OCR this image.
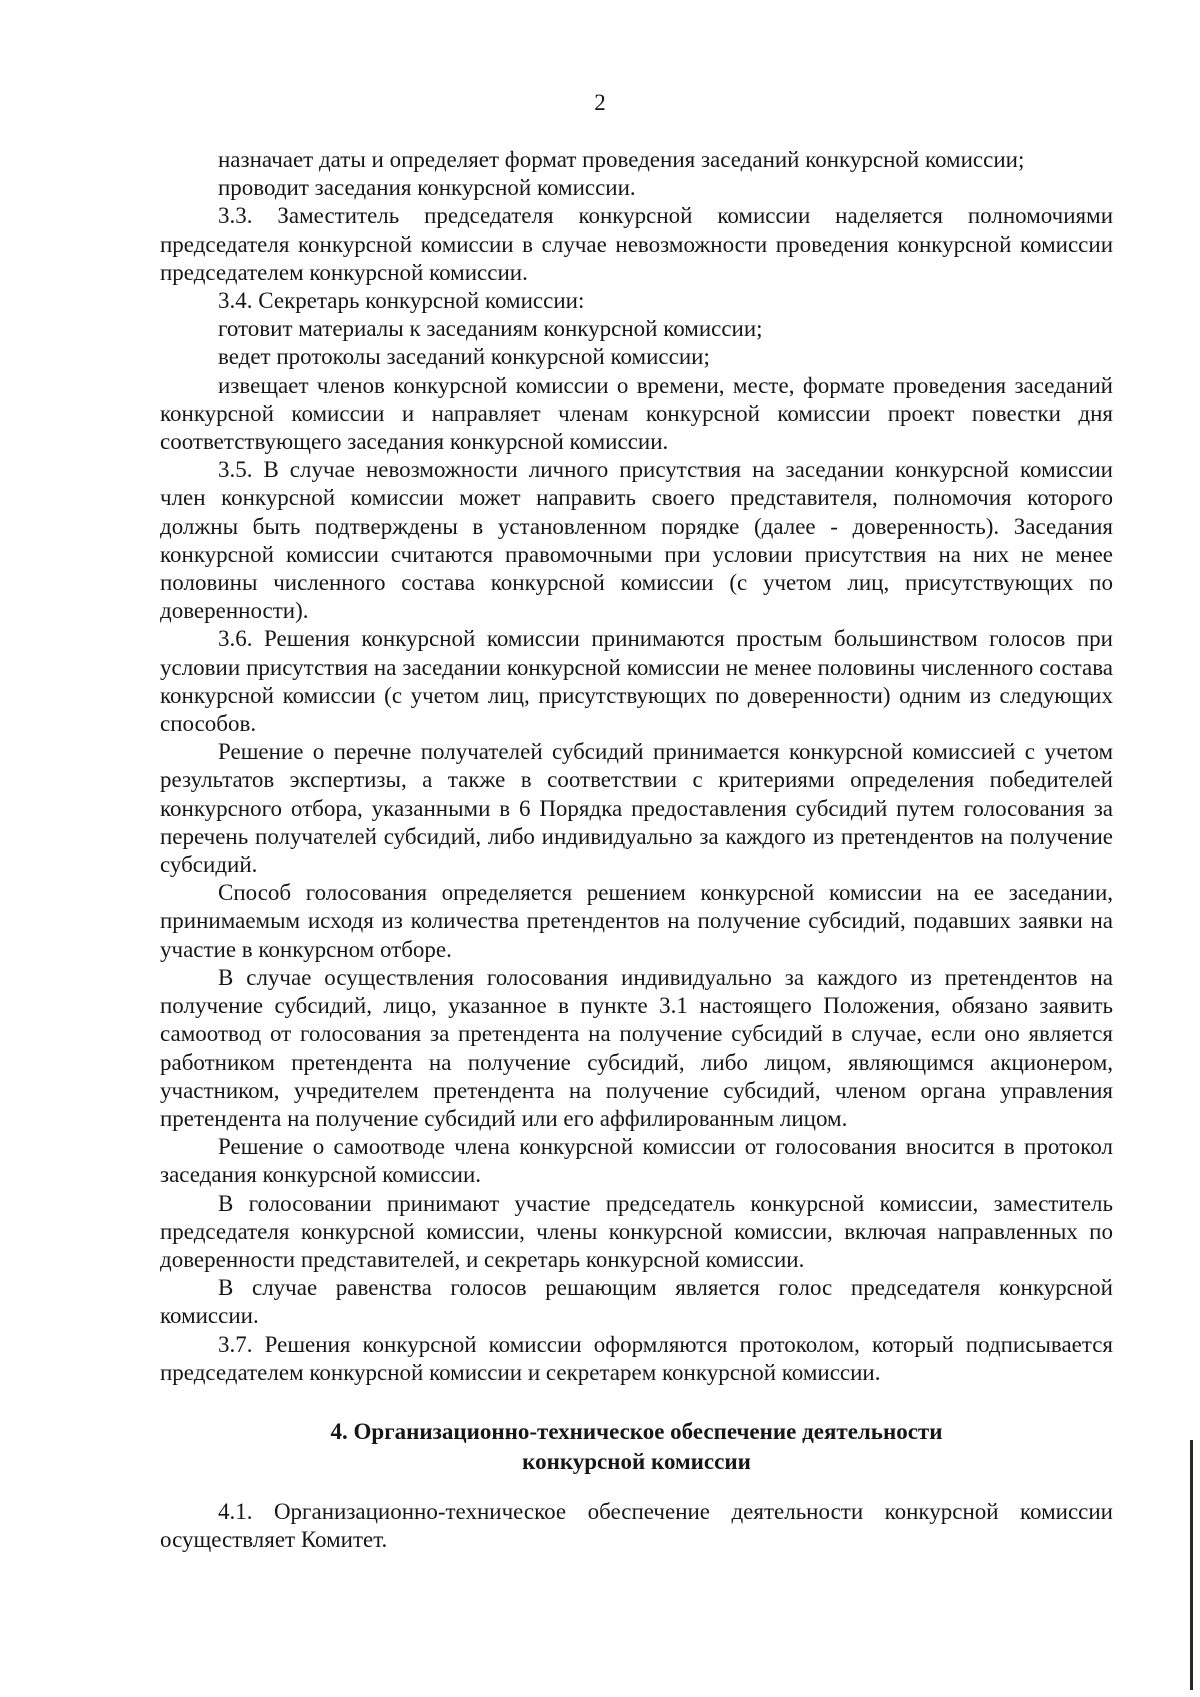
2

назначает даты и определяет формат проведения заседаний конкурсной комиссии;

проводит заседания конкурсной комиссии.

3.3. Заместитель председателя конкурсной комиссии наделяется полномочиями председателя конкурсной комиссии в случае невозможности проведения конкурсной комиссии председателем конкурсной комиссии.

3.4. Секретарь конкурсной комиссии:

готовит материалы к заседаниям конкурсной комиссии;

ведет протоколы заседаний конкурсной комиссии;

извещает членов конкурсной комиссии о времени, месте, формате проведения заседаний конкурсной комиссии и направляет членам конкурсной комиссии проект повестки дня соответствующего заседания конкурсной комиссии.

3.5. В случае невозможности личного присутствия на заседании конкурсной комиссии член конкурсной комиссии может направить своего представителя, полномочия которого должны быть подтверждены в установленном порядке (далее - доверенность). Заседания конкурсной комиссии считаются правомочными при условии присутствия на них не менее половины численного состава конкурсной комиссии (с учетом лиц, присутствующих по доверенности).

3.6. Решения конкурсной комиссии принимаются простым большинством голосов при условии присутствия на заседании конкурсной комиссии не менее половины численного состава конкурсной комиссии (с учетом лиц, присутствующих по доверенности) одним из следующих способов.

Решение о перечне получателей субсидий принимается конкурсной комиссией с учетом результатов экспертизы, а также в соответствии с критериями определения победителей конкурсного отбора, указанными в 6 Порядка предоставления субсидий путем голосования за перечень получателей субсидий, либо индивидуально за каждого из претендентов на получение субсидий.

Способ голосования определяется решением конкурсной комиссии на ее заседании, принимаемым исходя из количества претендентов на получение субсидий, подавших заявки на участие в конкурсном отборе.

В случае осуществления голосования индивидуально за каждого из претендентов на получение субсидий, лицо, указанное в пункте 3.1 настоящего Положения, обязано заявить самоотвод от голосования за претендента на получение субсидий в случае, если оно является работником претендента на получение субсидий, либо лицом, являющимся акционером, участником, учредителем претендента на получение субсидий, членом органа управления претендента на получение субсидий или его аффилированным лицом.

Решение о самоотводе члена конкурсной комиссии от голосования вносится в протокол заседания конкурсной комиссии.

В голосовании принимают участие председатель конкурсной комиссии, заместитель председателя конкурсной комиссии, члены конкурсной комиссии, включая направленных по доверенности представителей, и секретарь конкурсной комиссии.

В случае равенства голосов решающим является голос председателя конкурсной комиссии.

3.7. Решения конкурсной комиссии оформляются протоколом, который подписывается председателем конкурсной комиссии и секретарем конкурсной комиссии.

4. Организационно-техническое обеспечение деятельности
конкурсной комиссии

4.1. Организационно-техническое обеспечение деятельности конкурсной комиссии осуществляет Комитет.
